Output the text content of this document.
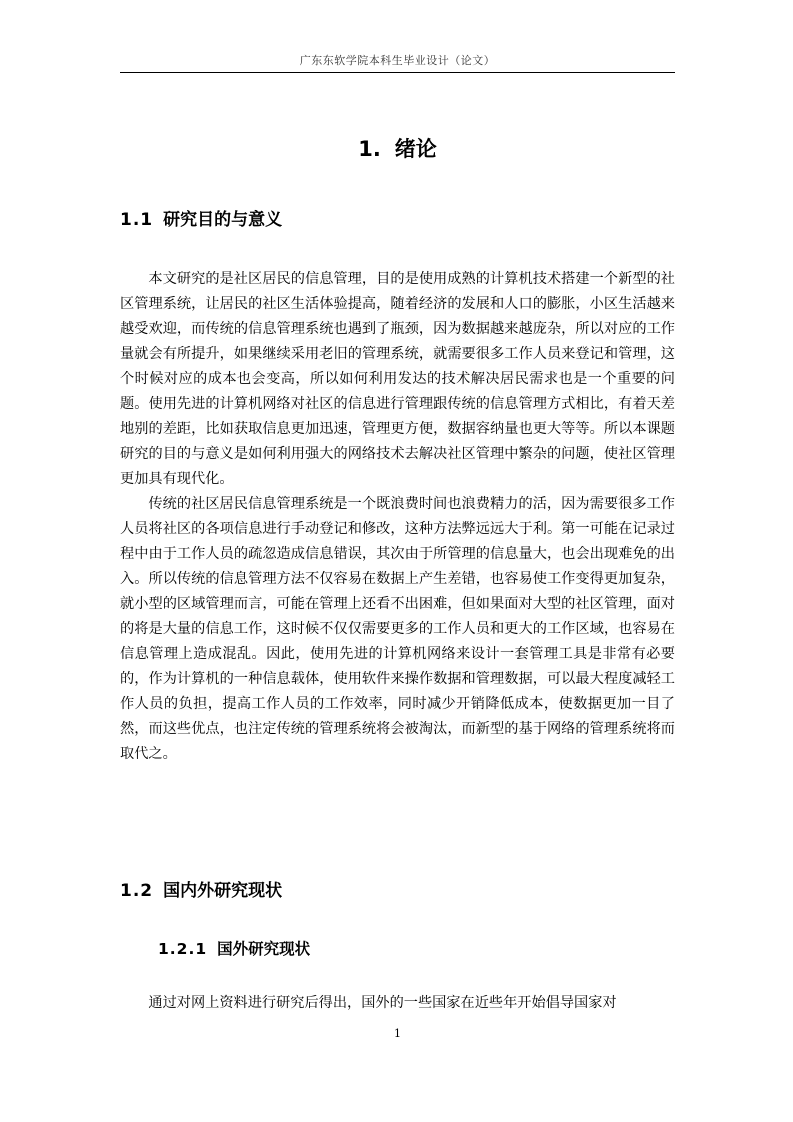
广东东软学院本科生毕业设计（论文）
1. 绪论
1.1 研究目的与意义

本文研究的是社区居民的信息管理，目的是使用成熟的计算机技术搭建一个新型的社区管理系统，让居民的社区生活体验提高，随着经济的发展和人口的膨胀，小区生活越来越受欢迎，而传统的信息管理系统也遇到了瓶颈，因为数据越来越庞杂，所以对应的工作量就会有所提升，如果继续采用老旧的管理系统，就需要很多工作人员来登记和管理，这个时候对应的成本也会变高，所以如何利用发达的技术解决居民需求也是一个重要的问题。使用先进的计算机网络对社区的信息进行管理跟传统的信息管理方式相比，有着天差地别的差距，比如获取信息更加迅速，管理更方便，数据容纳量也更大等等。所以本课题研究的目的与意义是如何利用强大的网络技术去解决社区管理中繁杂的问题，使社区管理更加具有现代化。

传统的社区居民信息管理系统是一个既浪费时间也浪费精力的活，因为需要很多工作人员将社区的各项信息进行手动登记和修改，这种方法弊远远大于利。第一可能在记录过程中由于工作人员的疏忽造成信息错误，其次由于所管理的信息量大，也会出现难免的出入。所以传统的信息管理方法不仅容易在数据上产生差错，也容易使工作变得更加复杂，就小型的区域管理而言，可能在管理上还看不出困难，但如果面对大型的社区管理，面对的将是大量的信息工作，这时候不仅仅需要更多的工作人员和更大的工作区域，也容易在信息管理上造成混乱。因此，使用先进的计算机网络来设计一套管理工具是非常有必要的，作为计算机的一种信息载体，使用软件来操作数据和管理数据，可以最大程度减轻工作人员的负担，提高工作人员的工作效率，同时减少开销降低成本，使数据更加一目了然，而这些优点，也注定传统的管理系统将会被淘汰，而新型的基于网络的管理系统将而取代之。

1.2 国内外研究现状
1.2.1 国外研究现状

通过对网上资料进行研究后得出，国外的一些国家在近些年开始倡导国家对

1
